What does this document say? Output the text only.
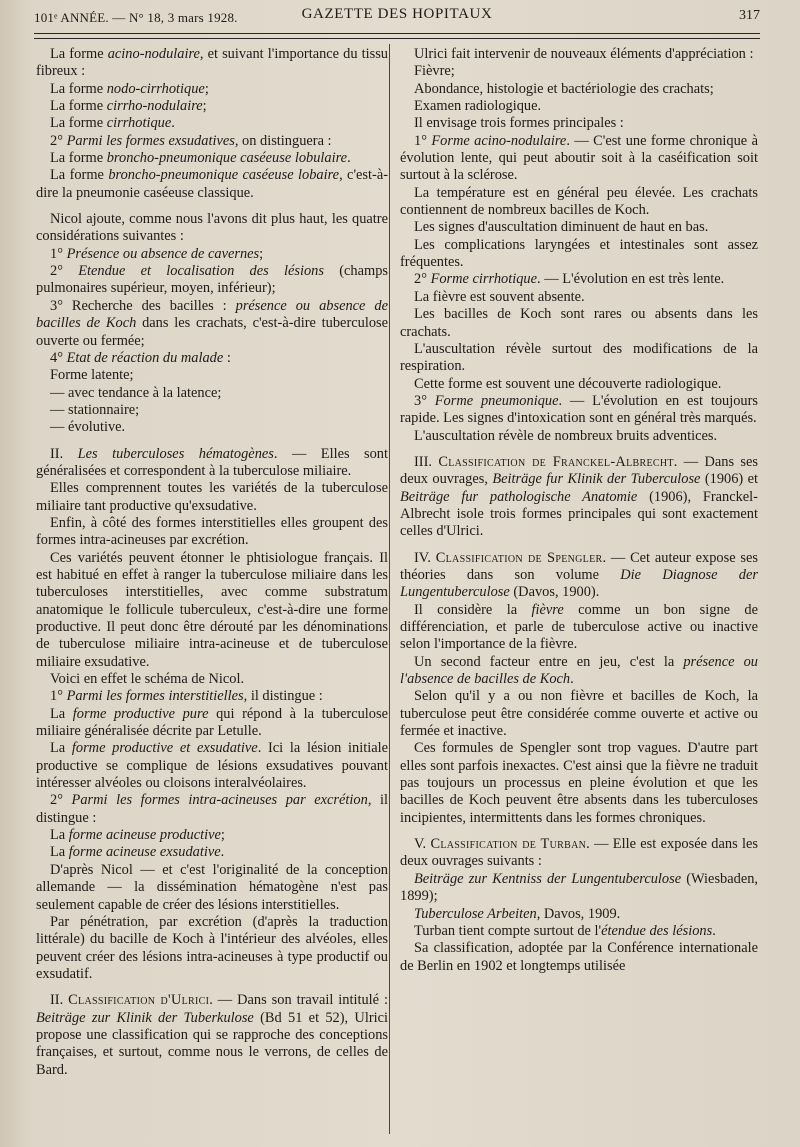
101ᵉ ANNÉE. — N° 18, 3 mars 1928.	GAZETTE DES HOPITAUX	317

La forme acino-nodulaire, et suivant l'importance du tissu fibreux :

La forme nodo-cirrhotique;

La forme cirrho-nodulaire;

La forme cirrhotique.

2° Parmi les formes exsudatives, on distinguera :

La forme broncho-pneumonique caséeuse lobulaire.

La forme broncho-pneumonique caséeuse lobaire, c'est-à-dire la pneumonie caséeuse classique.

Nicol ajoute, comme nous l'avons dit plus haut, les quatre considérations suivantes :

1° Présence ou absence de cavernes;

2° Etendue et localisation des lésions (champs pulmonaires supérieur, moyen, inférieur);

3° Recherche des bacilles : présence ou absence de bacilles de Koch dans les crachats, c'est-à-dire tuberculose ouverte ou fermée;

4° Etat de réaction du malade :

Forme latente;

— avec tendance à la latence;

— stationnaire;

— évolutive.

II. Les tuberculoses hématogènes. — Elles sont généralisées et correspondent à la tuberculose miliaire.

Elles comprennent toutes les variétés de la tuberculose miliaire tant productive qu'exsudative.

Enfin, à côté des formes interstitielles elles groupent des formes intra-acineuses par excrétion.

Ces variétés peuvent étonner le phtisiologue français. Il est habitué en effet à ranger la tuberculose miliaire dans les tuberculoses interstitielles, avec comme substratum anatomique le follicule tuberculeux, c'est-à-dire une forme productive. Il peut donc être dérouté par les dénominations de tuberculose miliaire intra-acineuse et de tuberculose miliaire exsudative.

Voici en effet le schéma de Nicol.

1° Parmi les formes interstitielles, il distingue :

La forme productive pure qui répond à la tuberculose miliaire généralisée décrite par Letulle.

La forme productive et exsudative. Ici la lésion initiale productive se complique de lésions exsudatives pouvant intéresser alvéoles ou cloisons interalvéolaires.

2° Parmi les formes intra-acineuses par excrétion, il distingue :

La forme acineuse productive;

La forme acineuse exsudative.

D'après Nicol — et c'est l'originalité de la conception allemande — la dissémination hématogène n'est pas seulement capable de créer des lésions interstitielles.

Par pénétration, par excrétion (d'après la traduction littérale) du bacille de Koch à l'intérieur des alvéoles, elles peuvent créer des lésions intra-acineuses à type productif ou exsudatif.

II. Classification d'Ulrici. — Dans son travail intitulé : Beiträge zur Klinik der Tuberkulose (Bd 51 et 52), Ulrici propose une classification qui se rapproche des conceptions françaises, et surtout, comme nous le verrons, de celles de Bard.

Ulrici fait intervenir de nouveaux éléments d'appréciation :

Fièvre;

Abondance, histologie et bactériologie des crachats;

Examen radiologique.

Il envisage trois formes principales :

1° Forme acino-nodulaire. — C'est une forme chronique à évolution lente, qui peut aboutir soit à la caséification soit surtout à la sclérose.

La température est en général peu élevée. Les crachats contiennent de nombreux bacilles de Koch.

Les signes d'auscultation diminuent de haut en bas.

Les complications laryngées et intestinales sont assez fréquentes.

2° Forme cirrhotique. — L'évolution en est très lente.

La fièvre est souvent absente.

Les bacilles de Koch sont rares ou absents dans les crachats.

L'auscultation révèle surtout des modifications de la respiration.

Cette forme est souvent une découverte radiologique.

3° Forme pneumonique. — L'évolution en est toujours rapide. Les signes d'intoxication sont en général très marqués.

L'auscultation révèle de nombreux bruits adventices.

III. Classification de Franckel-Albrecht. — Dans ses deux ouvrages, Beiträge fur Klinik der Tuberculose (1906) et Beiträge fur pathologische Anatomie (1906), Franckel-Albrecht isole trois formes principales qui sont exactement celles d'Ulrici.

IV. Classification de Spengler. — Cet auteur expose ses théories dans son volume Die Diagnose der Lungentuberculose (Davos, 1900).

Il considère la fièvre comme un bon signe de différenciation, et parle de tuberculose active ou inactive selon l'importance de la fièvre.

Un second facteur entre en jeu, c'est la présence ou l'absence de bacilles de Koch.

Selon qu'il y a ou non fièvre et bacilles de Koch, la tuberculose peut être considérée comme ouverte et active ou fermée et inactive.

Ces formules de Spengler sont trop vagues. D'autre part elles sont parfois inexactes. C'est ainsi que la fièvre ne traduit pas toujours un processus en pleine évolution et que les bacilles de Koch peuvent être absents dans les tuberculoses incipientes, intermittents dans les formes chroniques.

V. Classification de Turban. — Elle est exposée dans les deux ouvrages suivants :

Beiträge zur Kentniss der Lungentuberculose (Wiesbaden, 1899);

Tuberculose Arbeiten, Davos, 1909.

Turban tient compte surtout de l'étendue des lésions.

Sa classification, adoptée par la Conférence internationale de Berlin en 1902 et longtemps utilisée
